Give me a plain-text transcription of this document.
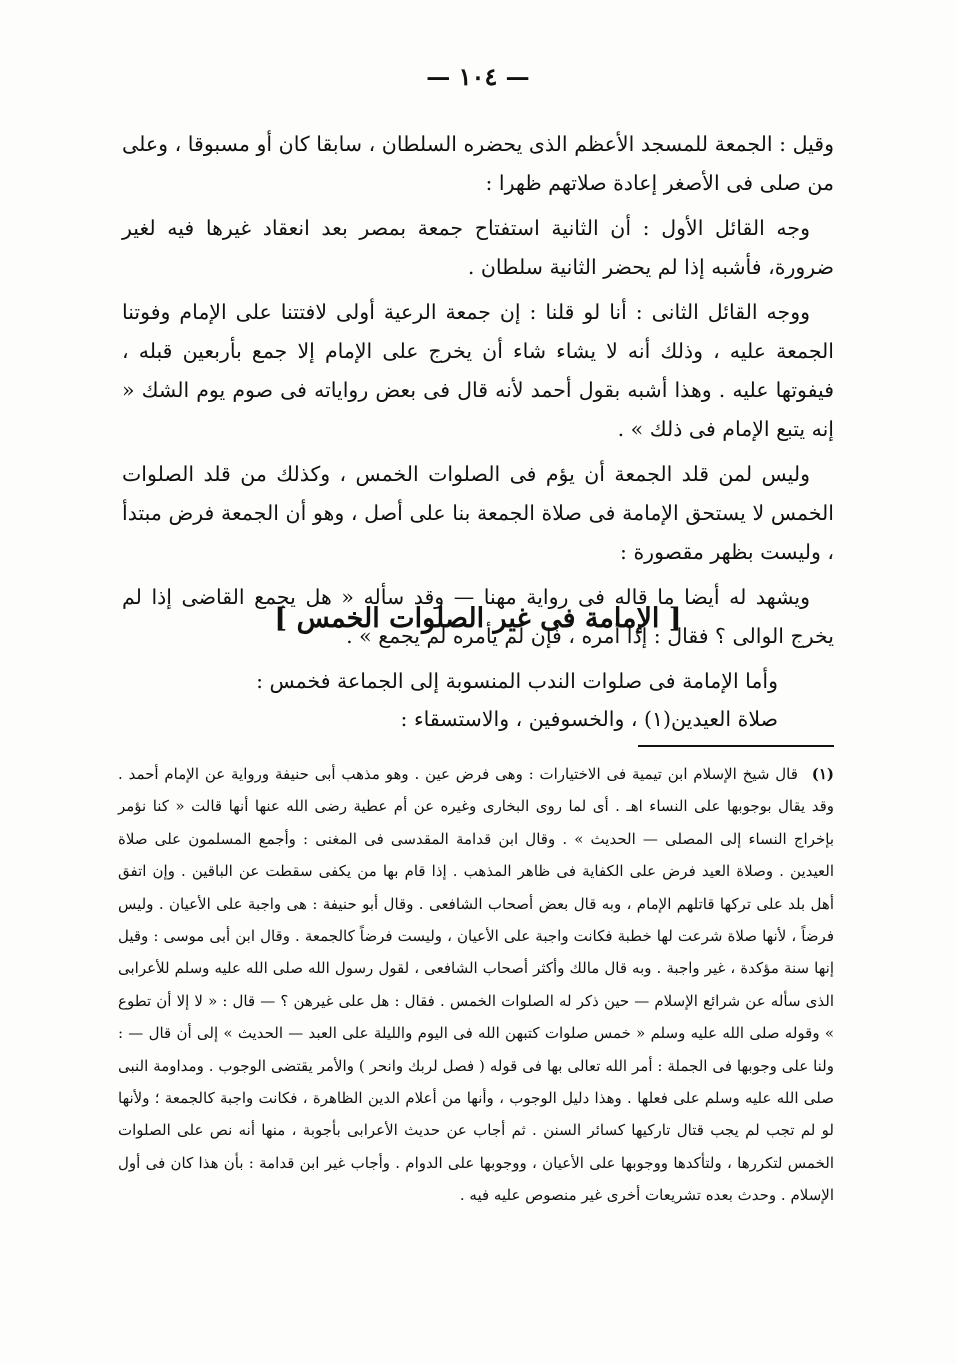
— ١٠٤ —

وقيل : الجمعة للمسجد الأعظم الذى يحضره السلطان ، سابقا كان أو مسبوقا ، وعلى من صلى فى الأصغر إعادة صلاتهم ظهرا :

وجه القائل الأول : أن الثانية استفتاح جمعة بمصر بعد انعقاد غيرها فيه لغير ضرورة، فأشبه إذا لم يحضر الثانية سلطان .

ووجه القائل الثانى : أنا لو قلنا : إن جمعة الرعية أولى لافتتنا على الإمام وفوتنا الجمعة عليه ، وذلك أنه لا يشاء شاء أن يخرج على الإمام إلا جمع بأربعين قبله ، فيفوتها عليه . وهذا أشبه بقول أحمد لأنه قال فى بعض رواياته فى صوم يوم الشك « إنه يتبع الإمام فى ذلك » .

وليس لمن قلد الجمعة أن يؤم فى الصلوات الخمس ، وكذلك من قلد الصلوات الخمس لا يستحق الإمامة فى صلاة الجمعة بنا على أصل ، وهو أن الجمعة فرض مبتدأ ، وليست بظهر مقصورة :

ويشهد له أيضا ما قاله فى رواية مهنا — وقد سأله « هل يجمع القاضى إذا لم يخرج الوالى ؟ فقال : إذا أمره ، فإن لم يأمره لم يجمع » .

[ الإمامة فى غير الصلوات الخمس ]

وأما الإمامة فى صلوات الندب المنسوبة إلى الجماعة فخمس :

صلاة العيدين(١) ، والخسوفين ، والاستسقاء :

(١) قال شيخ الإسلام ابن تيمية فى الاختيارات : وهى فرض عين . وهو مذهب أبى حنيفة ورواية عن الإمام أحمد . وقد يقال بوجوبها على النساء اهـ . أى لما روى البخارى وغيره عن أم عطية رضى الله عنها أنها قالت « كنا نؤمر بإخراج النساء إلى المصلى — الحديث » . وقال ابن قدامة المقدسى فى المغنى : وأجمع المسلمون على صلاة العيدين . وصلاة العيد فرض على الكفاية فى ظاهر المذهب . إذا قام بها من يكفى سقطت عن الباقين . وإن اتفق أهل بلد على تركها قاتلهم الإمام ، وبه قال بعض أصحاب الشافعى . وقال أبو حنيفة : هى واجبة على الأعيان . وليس فرضاً ، لأنها صلاة شرعت لها خطبة فكانت واجبة على الأعيان ، وليست فرضاً كالجمعة . وقال ابن أبى موسى : وقيل إنها سنة مؤكدة ، غير واجبة . وبه قال مالك وأكثر أصحاب الشافعى ، لقول رسول الله صلى الله عليه وسلم للأعرابى الذى سأله عن شرائع الإسلام — حين ذكر له الصلوات الخمس . فقال : هل على غيرهن ؟ — قال : « لا إلا أن تطوع » وقوله صلى الله عليه وسلم « خمس صلوات كتبهن الله فى اليوم والليلة على العبد — الحديث » إلى أن قال — : ولنا على وجوبها فى الجملة : أمر الله تعالى بها فى قوله ( فصل لربك وانحر ) والأمر يقتضى الوجوب . ومداومة النبى صلى الله عليه وسلم على فعلها . وهذا دليل الوجوب ، وأنها من أعلام الدين الظاهرة ، فكانت واجبة كالجمعة ؛ ولأنها لو لم تجب لم يجب قتال تاركيها كسائر السنن . ثم أجاب عن حديث الأعرابى بأجوبة ، منها أنه نص على الصلوات الخمس لتكررها ، ولتأكدها ووجوبها على الأعيان ، ووجوبها على الدوام . وأجاب غير ابن قدامة : بأن هذا كان فى أول الإسلام . وحدث بعده تشريعات أخرى غير منصوص عليه فيه .
